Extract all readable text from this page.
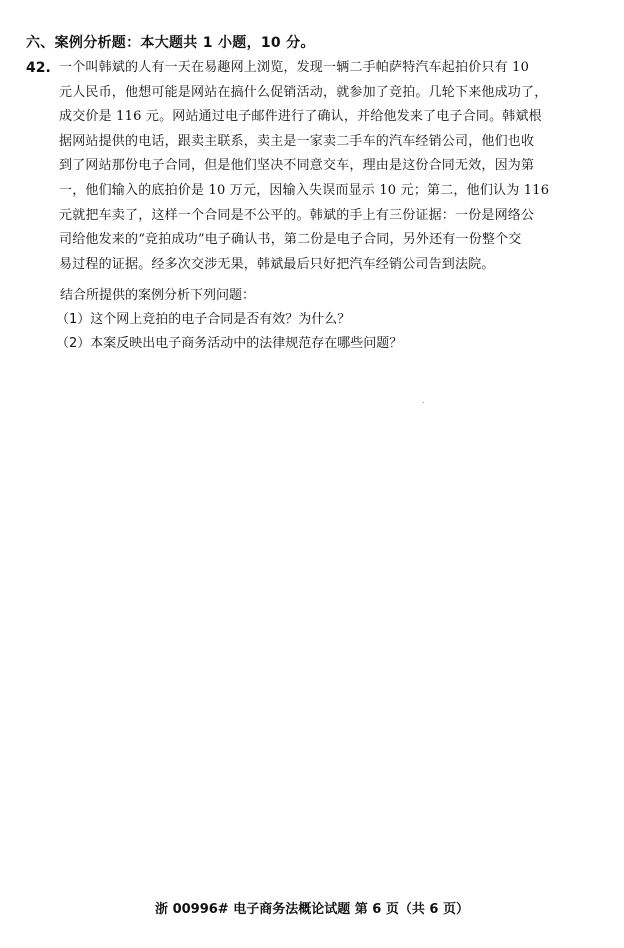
六、案例分析题：本大题共 1 小题，10 分。
42. 一个叫韩斌的人有一天在易趣网上浏览，发现一辆二手帕萨特汽车起拍价只有 10
元人民币，他想可能是网站在搞什么促销活动，就参加了竞拍。几轮下来他成功了，
成交价是 116 元。网站通过电子邮件进行了确认，并给他发来了电子合同。韩斌根
据网站提供的电话，跟卖主联系，卖主是一家卖二手车的汽车经销公司，他们也收
到了网站那份电子合同，但是他们坚决不同意交车，理由是这份合同无效，因为第
一，他们输入的底拍价是 10 万元，因输入失误而显示 10 元；第二，他们认为 116
元就把车卖了，这样一个合同是不公平的。韩斌的手上有三份证据：一份是网络公
司给他发来的“竞拍成功”电子确认书，第二份是电子合同，另外还有一份整个交
易过程的证据。经多次交涉无果，韩斌最后只好把汽车经销公司告到法院。
结合所提供的案例分析下列问题：
（1）这个网上竞拍的电子合同是否有效？为什么？
（2）本案反映出电子商务活动中的法律规范存在哪些问题？
浙 00996# 电子商务法概论试题 第 6 页（共 6 页）
